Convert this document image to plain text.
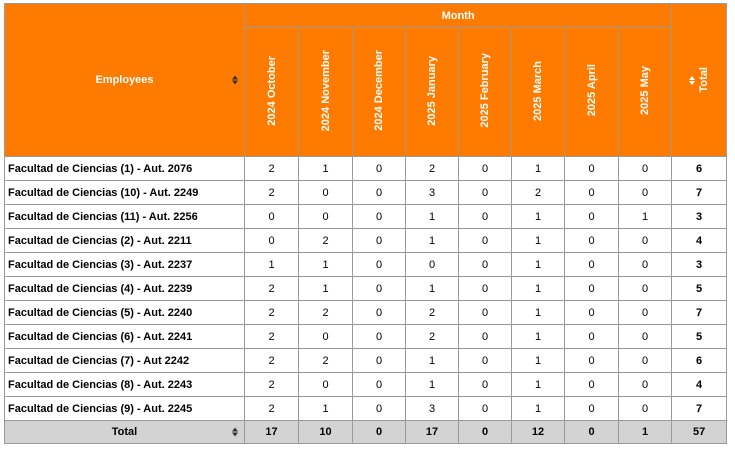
Employees	Month								Total

	2024 October	2024 November	2024 December	2025 January	2025 February	2025 March	2025 April	2025 May	
Facultad de Ciencias (1) - Aut. 2076	2	1	0	2	0	1	0	0	6
Facultad de Ciencias (10) - Aut. 2249	2	0	0	3	0	2	0	0	7
Facultad de Ciencias (11) - Aut. 2256	0	0	0	1	0	1	0	1	3
Facultad de Ciencias (2) - Aut. 2211	0	2	0	1	0	1	0	0	4
Facultad de Ciencias (3) - Aut. 2237	1	1	0	0	0	1	0	0	3
Facultad de Ciencias (4) - Aut. 2239	2	1	0	1	0	1	0	0	5
Facultad de Ciencias (5) - Aut. 2240	2	2	0	2	0	1	0	0	7
Facultad de Ciencias (6) - Aut. 2241	2	0	0	2	0	1	0	0	5
Facultad de Ciencias (7) - Aut 2242	2	2	0	1	0	1	0	0	6
Facultad de Ciencias (8) - Aut. 2243	2	0	0	1	0	1	0	0	4
Facultad de Ciencias (9) - Aut. 2245	2	1	0	3	0	1	0	0	7
Total	17	10	0	17	0	12	0	1	57
